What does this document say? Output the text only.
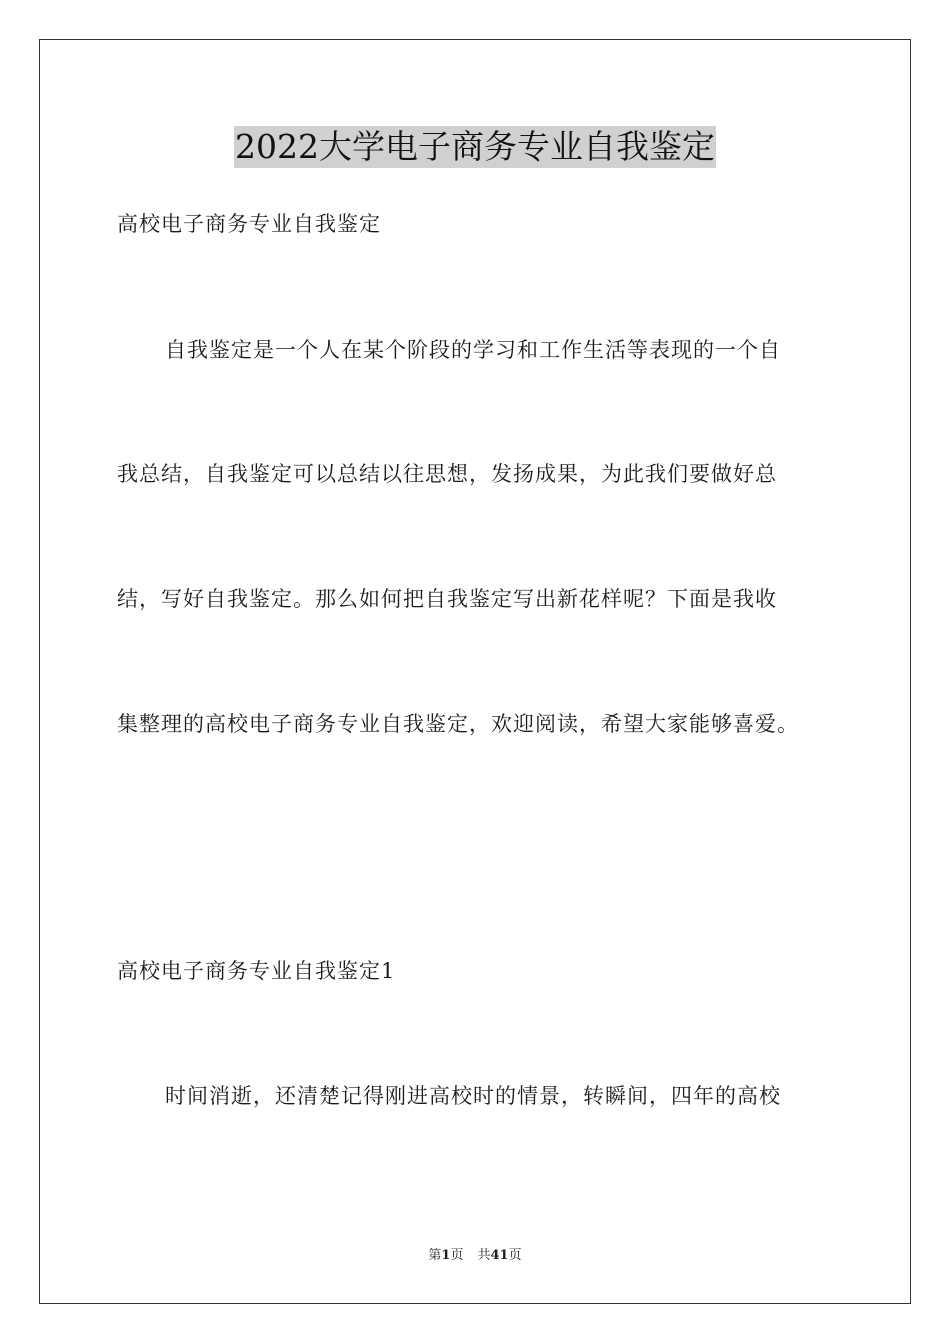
2022大学电子商务专业自我鉴定
高校电子商务专业自我鉴定
自我鉴定是一个人在某个阶段的学习和工作生活等表现的一个自
我总结，自我鉴定可以总结以往思想，发扬成果，为此我们要做好总
结，写好自我鉴定。那么如何把自我鉴定写出新花样呢？下面是我收
集整理的高校电子商务专业自我鉴定，欢迎阅读，希望大家能够喜爱。
高校电子商务专业自我鉴定1
时间消逝，还清楚记得刚进高校时的情景，转瞬间，四年的高校
第1页 共41页
